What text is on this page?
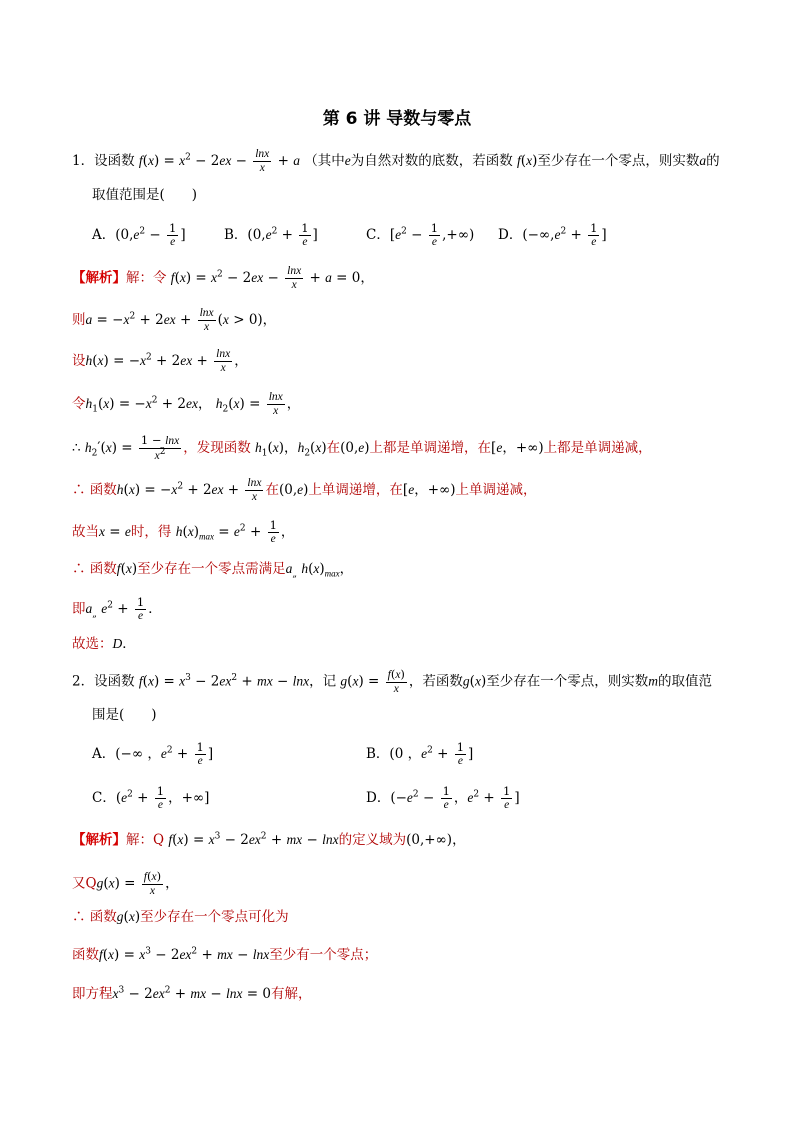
第 6 讲 导数与零点
1．设函数 $f(x) = x^2 - 2ex - \frac{\ln x}{x} + a$ （其中e为自然对数的底数，若函数 f(x)至少存在一个零点，则实数a的
取值范围是(　　)
A．($0,e^2 - \frac{1}{e}$ ]	B．($0,e^2 + \frac{1}{e}$ ]	C．[$e^2 - \frac{1}{e}$ ,+∞) D．($-\infty,e^2 + \frac{1}{e}$ ]
【解析】解：令 $f(x) = x^2 - 2ex - \frac{\ln x}{x} + a = 0$，
则$a = -x^2 + 2ex + \frac{\ln x}{x} (x > 0)$，
设$h(x) = -x^2 + 2ex + \frac{\ln x}{x}$ ，
令$h_1(x) = -x^2 + 2ex$， $h_2(x) = \frac{\ln x}{x}$ ，
∴ $h_2'(x) = \frac{1 - \ln x}{x^2}$ ，发现函数 $h_1(x)$，$h_2(x)$在(0,e)上都是单调递增，在[e，+∞)上都是单调递减，
∴ 函数$h(x) = -x^2 + 2ex + \frac{\ln x}{x}$ 在(0,e)上单调递增，在[e，+∞)上单调递减，
故当x = e时，得 $h(x)_{max} = e^2 + \frac{1}{e}$ ，
∴ 函数f(x)至少存在一个零点需满足$a_„$ $h(x)_{max}$，
即$a_„$ $e^2 + \frac{1}{e}$ ．
故选：D．
2．设函数 $f(x) = x^3 - 2ex^2$ + mx − lnx，记 $g(x) = \frac{f(x)}{x}$ ，若函数g(x)至少存在一个零点，则实数m的取值范
围是(　　)
A．(−∞ ，$e^2 + \frac{1}{e}$ ]	B．(0 ，$e^2 + \frac{1}{e}$ ]
C．($e^2 + \frac{1}{e}$ ，+∞]	D．($-e^2 - \frac{1}{e}$ ，$e^2 + \frac{1}{e}$ ]
【解析】解：Q $f(x) = x^3 - 2ex^2$ + mx − lnx的定义域为(0,+∞)，
又$Qg(x) = \frac{f(x)}{x}$ ，
∴ 函数g(x)至少存在一个零点可化为
函数$f(x) = x^3 - 2ex^2$ + mx − lnx至少有一个零点；
即方程$x^3 - 2ex^2$ + mx − lnx = 0有解，
